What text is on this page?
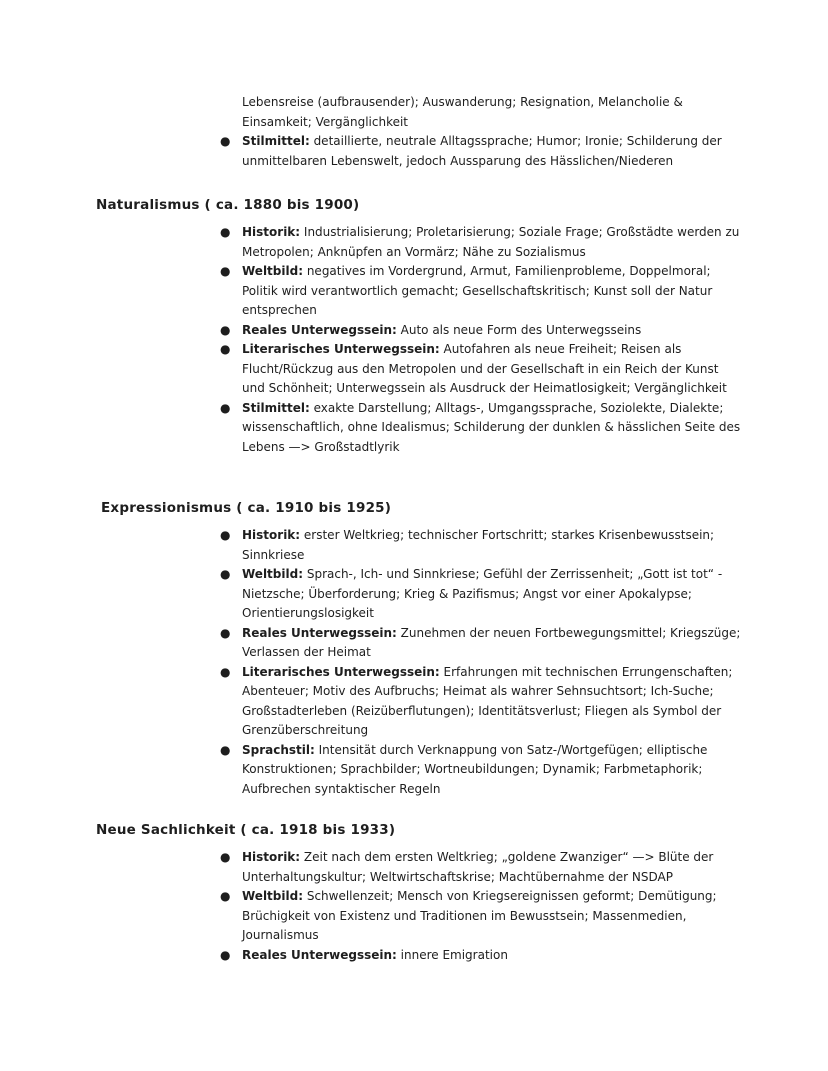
Lebensreise (aufbrausender); Auswanderung; Resignation, Melancholie & Einsamkeit; Vergänglichkeit
● Stilmittel: detaillierte, neutrale Alltagssprache; Humor; Ironie; Schilderung der unmittelbaren Lebenswelt, jedoch Aussparung des Hässlichen/Niederen
Naturalismus ( ca. 1880 bis 1900)
● Historik: Industrialisierung; Proletarisierung; Soziale Frage; Großstädte werden zu Metropolen; Anknüpfen an Vormärz; Nähe zu Sozialismus
● Weltbild: negatives im Vordergrund, Armut, Familienprobleme, Doppelmoral; Politik wird verantwortlich gemacht; Gesellschaftskritisch; Kunst soll der Natur entsprechen
● Reales Unterwegssein: Auto als neue Form des Unterwegsseins
● Literarisches Unterwegssein: Autofahren als neue Freiheit; Reisen als Flucht/Rückzug aus den Metropolen und der Gesellschaft in ein Reich der Kunst und Schönheit; Unterwegssein als Ausdruck der Heimatlosigkeit; Vergänglichkeit
● Stilmittel: exakte Darstellung; Alltags-, Umgangssprache, Soziolekte, Dialekte; wissenschaftlich, ohne Idealismus; Schilderung der dunklen & hässlichen Seite des Lebens —> Großstadtlyrik
Expressionismus ( ca. 1910 bis 1925)
● Historik: erster Weltkrieg; technischer Fortschritt; starkes Krisenbewusstsein; Sinnkriese
● Weltbild: Sprach-, Ich- und Sinnkriese; Gefühl der Zerrissenheit; „Gott ist tot“ -Nietzsche; Überforderung; Krieg & Pazifismus; Angst vor einer Apokalypse; Orientierungslosigkeit
● Reales Unterwegssein: Zunehmen der neuen Fortbewegungsmittel; Kriegszüge; Verlassen der Heimat
● Literarisches Unterwegssein: Erfahrungen mit technischen Errungenschaften; Abenteuer; Motiv des Aufbruchs; Heimat als wahrer Sehnsuchtsort; Ich-Suche; Großstadterleben (Reizüberflutungen); Identitätsverlust; Fliegen als Symbol der Grenzüberschreitung
● Sprachstil: Intensität durch Verknappung von Satz-/Wortgefügen; elliptische Konstruktionen; Sprachbilder; Wortneubildungen; Dynamik; Farbmetaphorik; Aufbrechen syntaktischer Regeln
Neue Sachlichkeit ( ca. 1918 bis 1933)
● Historik: Zeit nach dem ersten Weltkrieg; „goldene Zwanziger“ —> Blüte der Unterhaltungskultur; Weltwirtschaftskrise; Machtübernahme der NSDAP
● Weltbild: Schwellenzeit; Mensch von Kriegsereignissen geformt; Demütigung; Brüchigkeit von Existenz und Traditionen im Bewusstsein; Massenmedien, Journalismus
● Reales Unterwegssein: innere Emigration
